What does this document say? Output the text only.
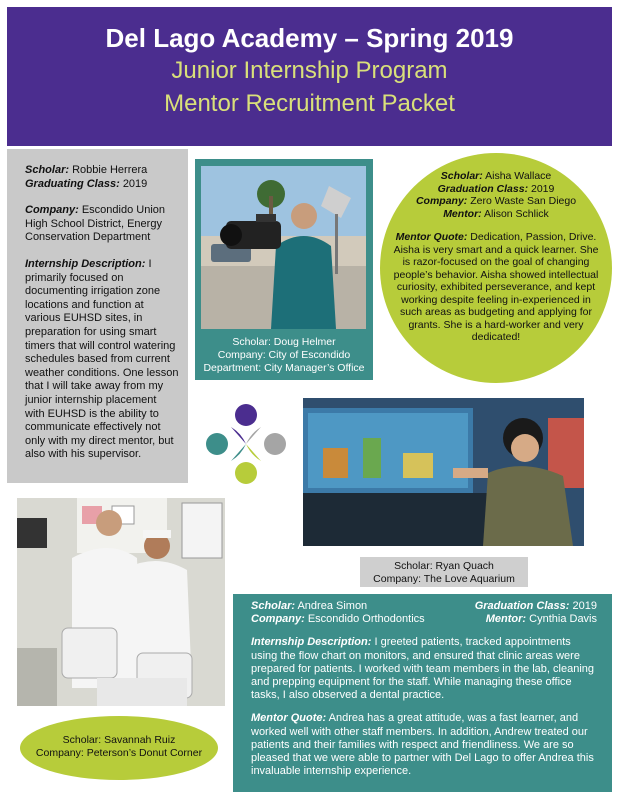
Del Lago Academy – Spring 2019
Junior Internship Program
Mentor Recruitment Packet

Scholar: Robbie Herrera
Graduating Class: 2019

Company: Escondido Union High School District, Energy Conservation Department

Internship Description: I primarily focused on documenting irrigation zone locations and function at various EUHSD sites, in preparation for using smart timers that will control watering schedules based from current weather conditions. One lesson that I will take away from my junior internship placement with EUHSD is the ability to communicate effectively not only with my direct mentor, but also with his supervisor.

Scholar: Doug Helmer
Company: City of Escondido
Department: City Manager’s Office

Scholar: Aisha Wallace
Graduation Class: 2019
Company: Zero Waste San Diego
Mentor: Alison Schlick

Mentor Quote: Dedication, Passion, Drive. Aisha is very smart and a quick learner. She is razor-focused on the goal of changing people’s behavior. Aisha showed intellectual curiosity, exhibited perseverance, and kept working despite feeling in-experienced in such areas as budgeting and applying for grants. She is a hard-worker and very dedicated!

Scholar: Ryan Quach
Company: The Love Aquarium
Scholar: Savannah Ruiz
Company: Peterson’s Donut Corner
Scholar: Andrea Simon	Graduation Class: 2019
Company: Escondido Orthodontics	Mentor: Cynthia Davis

Internship Description: I greeted patients, tracked appointments using the flow chart on monitors, and ensured that clinic areas were prepared for patients. I worked with team members in the lab, cleaning and prepping equipment for the staff. While managing these office tasks, I also observed a dental practice.

Mentor Quote: Andrea has a great attitude, was a fast learner, and worked well with other staff members. In addition, Andrew treated our patients and their families with respect and friendliness. We are so pleased that we were able to partner with Del Lago to offer Andrea this invaluable internship experience.
